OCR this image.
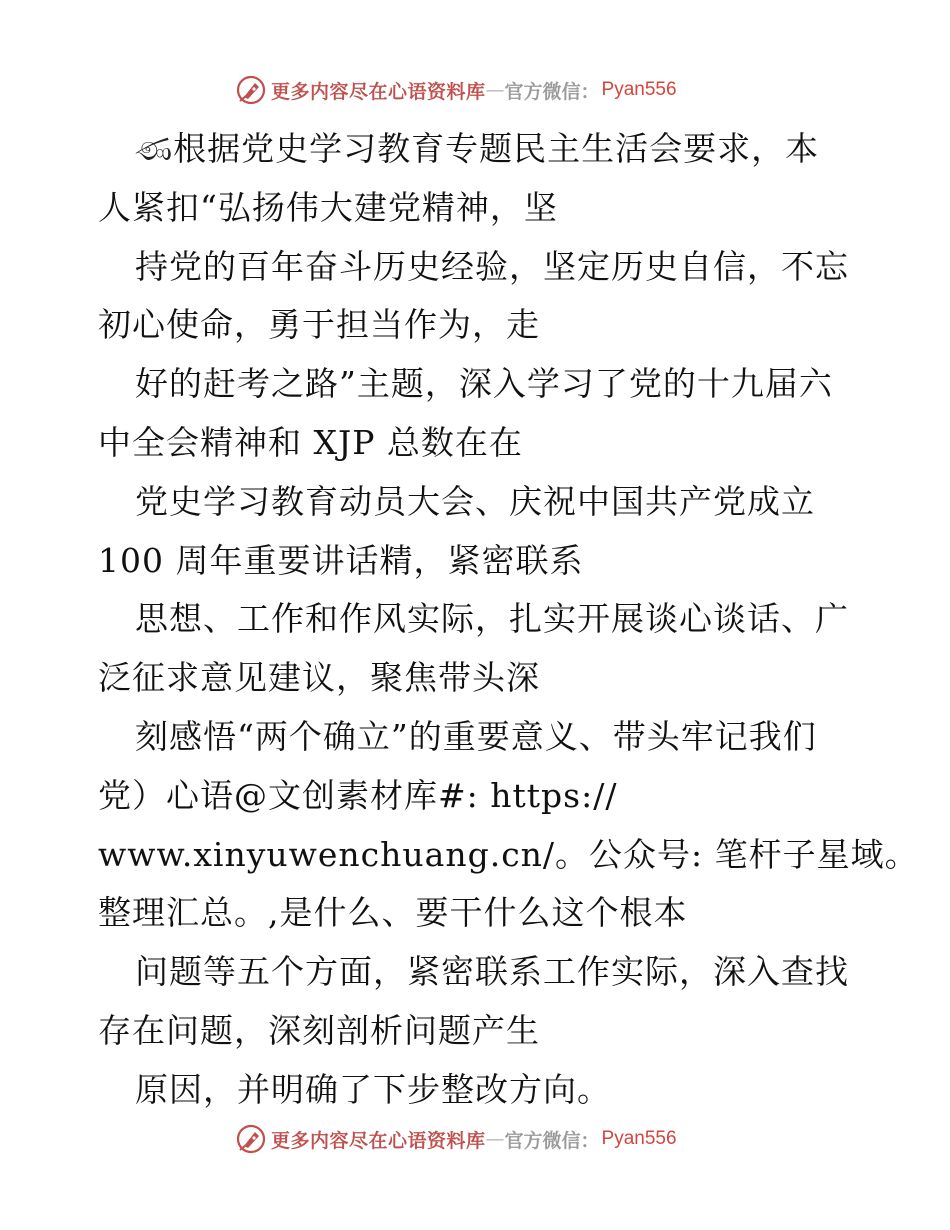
更多内容尽在心语资料库 — 官方微信： Pyan556
ණ根据党史学习教育专题民主生活会要求，本
人紧扣“弘扬伟大建党精神，坚
持党的百年奋斗历史经验，坚定历史自信，不忘
初心使命，勇于担当作为，走
好的赶考之路”主题，深入学习了党的十九届六
中全会精神和 XJP 总数在在
党史学习教育动员大会、庆祝中国共产党成立
100 周年重要讲话精，紧密联系
思想、工作和作风实际，扎实开展谈心谈话、广
泛征求意见建议，聚焦带头深
刻感悟“两个确立”的重要意义、带头牢记我们
党）心语@文创素材库#: https://
www.xinyuwenchuang.cn/。公众号: 笔杆子星域。
整理汇总。,是什么、要干什么这个根本
问题等五个方面，紧密联系工作实际，深入查找
存在问题，深刻剖析问题产生
原因，并明确了下步整改方向。
更多内容尽在心语资料库 — 官方微信： Pyan556
